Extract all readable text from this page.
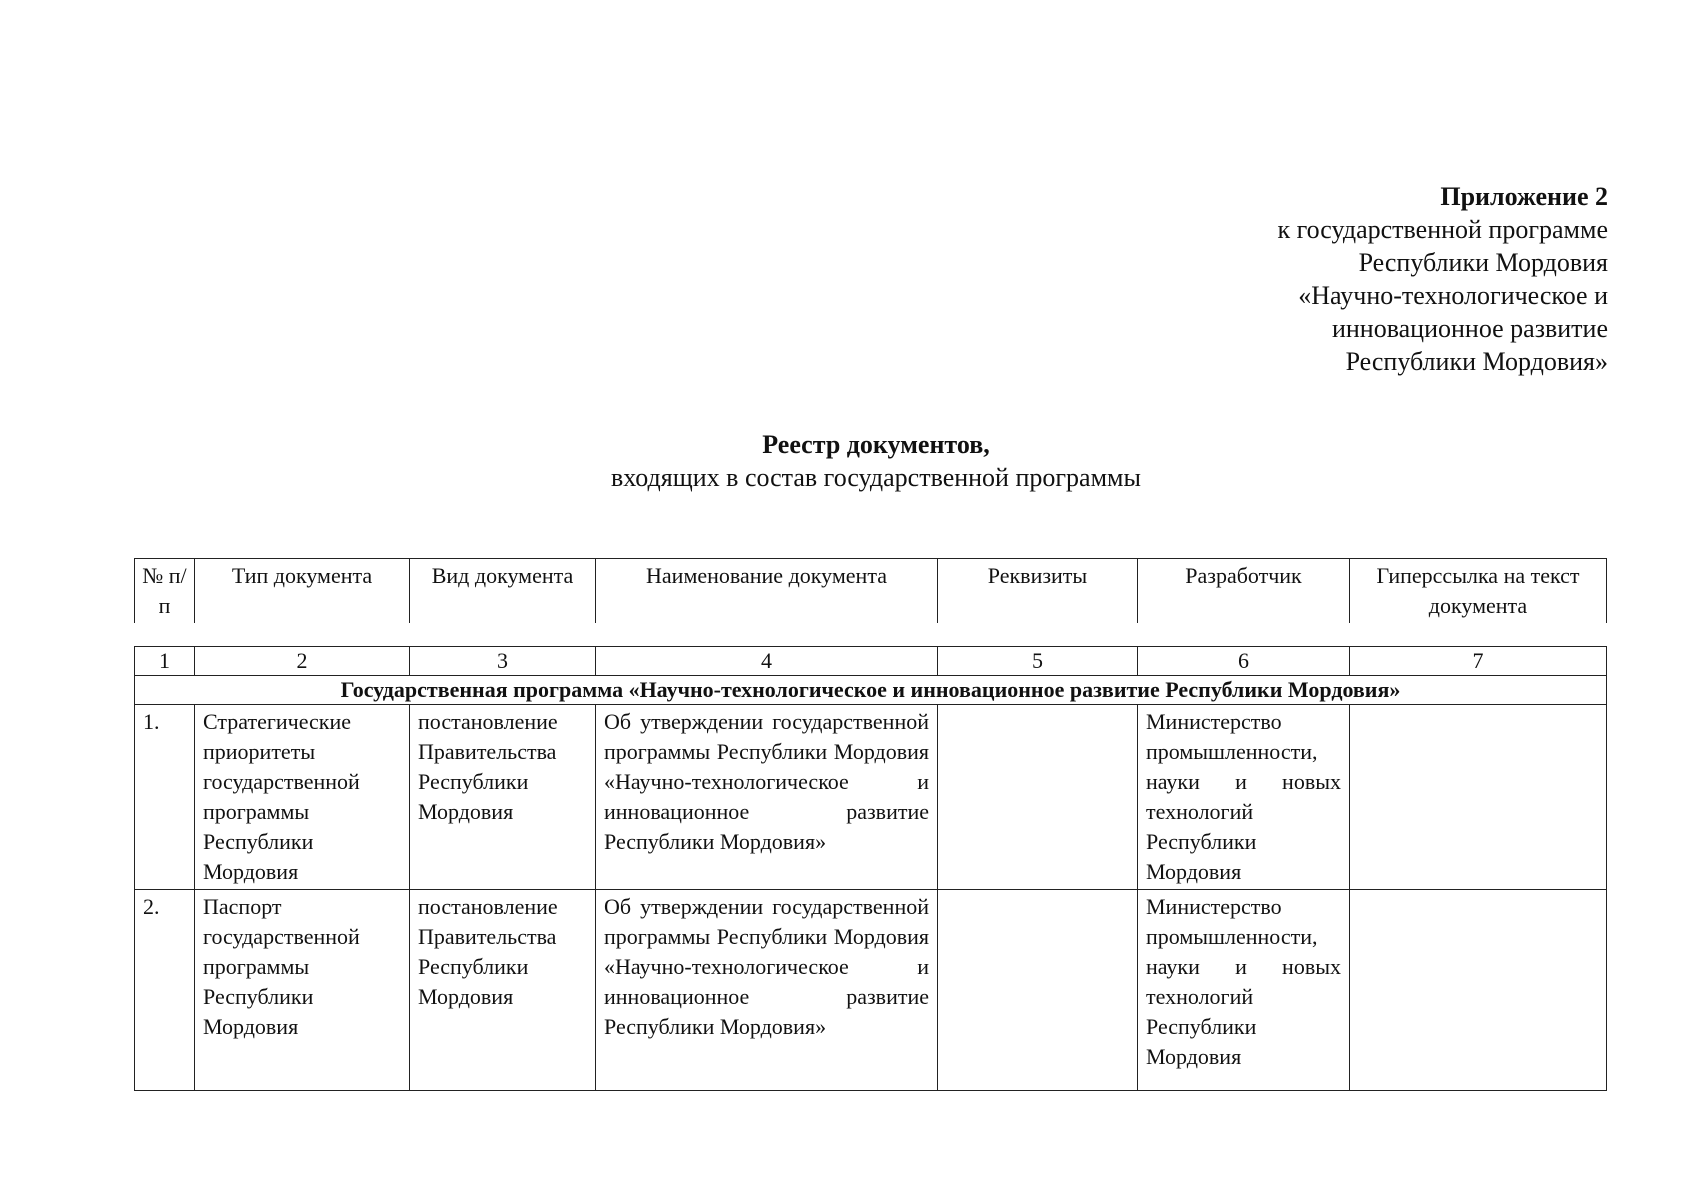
Приложение 2
к государственной программе
Республики Мордовия
«Научно-технологическое и
инновационное развитие
Республики Мордовия»
Реестр документов,
входящих в состав государственной программы
№ п/п	Тип документа	Вид документа	Наименование документа	Реквизиты	Разработчик	Гиперссылка на текст документа
1	2	3	4	5	6	7
Государственная программа «Научно-технологическое и инновационное развитие Республики Мордовия»						
1.	Стратегические приоритеты государственной программы Республики Мордовия	постановление Правительства Республики Мордовия	Об утверждении государственной программы Республики Мордовия «Научно-технологическое и инновационное развитие Республики Мордовия»		Министерство промышленности, науки и новых технологий Республики Мордовия	
2.	Паспорт государственной программы Республики Мордовия	постановление Правительства Республики Мордовия	Об утверждении государственной программы Республики Мордовия «Научно-технологическое и инновационное развитие Республики Мордовия»		Министерство промышленности, науки и новых технологий Республики Мордовия	
